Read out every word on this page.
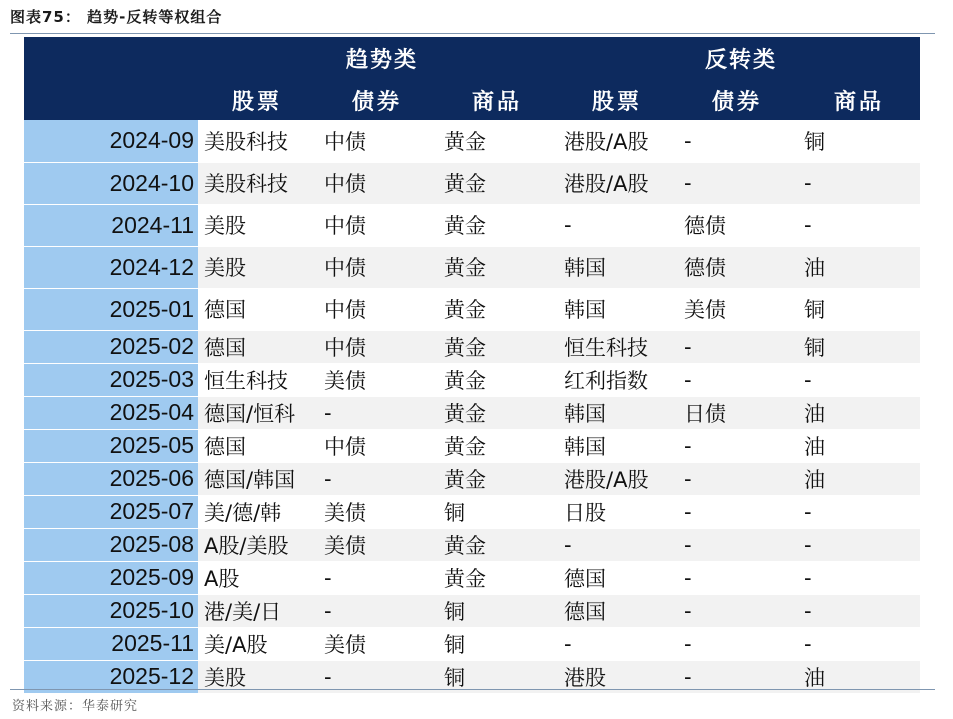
图表75： 趋势-反转等权组合
趋势类	反转类
股票	债券	商品	股票	债券	商品
2024-09	美股科技	中债	黄金	港股/A股	-	铜
2024-10	美股科技	中债	黄金	港股/A股	-	-
2024-11	美股	中债	黄金	-	德债	-
2024-12	美股	中债	黄金	韩国	德债	油
2025-01	德国	中债	黄金	韩国	美债	铜
2025-02	德国	中债	黄金	恒生科技	-	铜
2025-03	恒生科技	美债	黄金	红利指数	-	-
2025-04	德国/恒科	-	黄金	韩国	日债	油
2025-05	德国	中债	黄金	韩国	-	油
2025-06	德国/韩国	-	黄金	港股/A股	-	油
2025-07	美/德/韩	美债	铜	日股	-	-
2025-08	A股/美股	美债	黄金	-	-	-
2025-09	A股	-	黄金	德国	-	-
2025-10	港/美/日	-	铜	德国	-	-
2025-11	美/A股	美债	铜	-	-	-
2025-12	美股	-	铜	港股	-	油
资料来源：华泰研究
